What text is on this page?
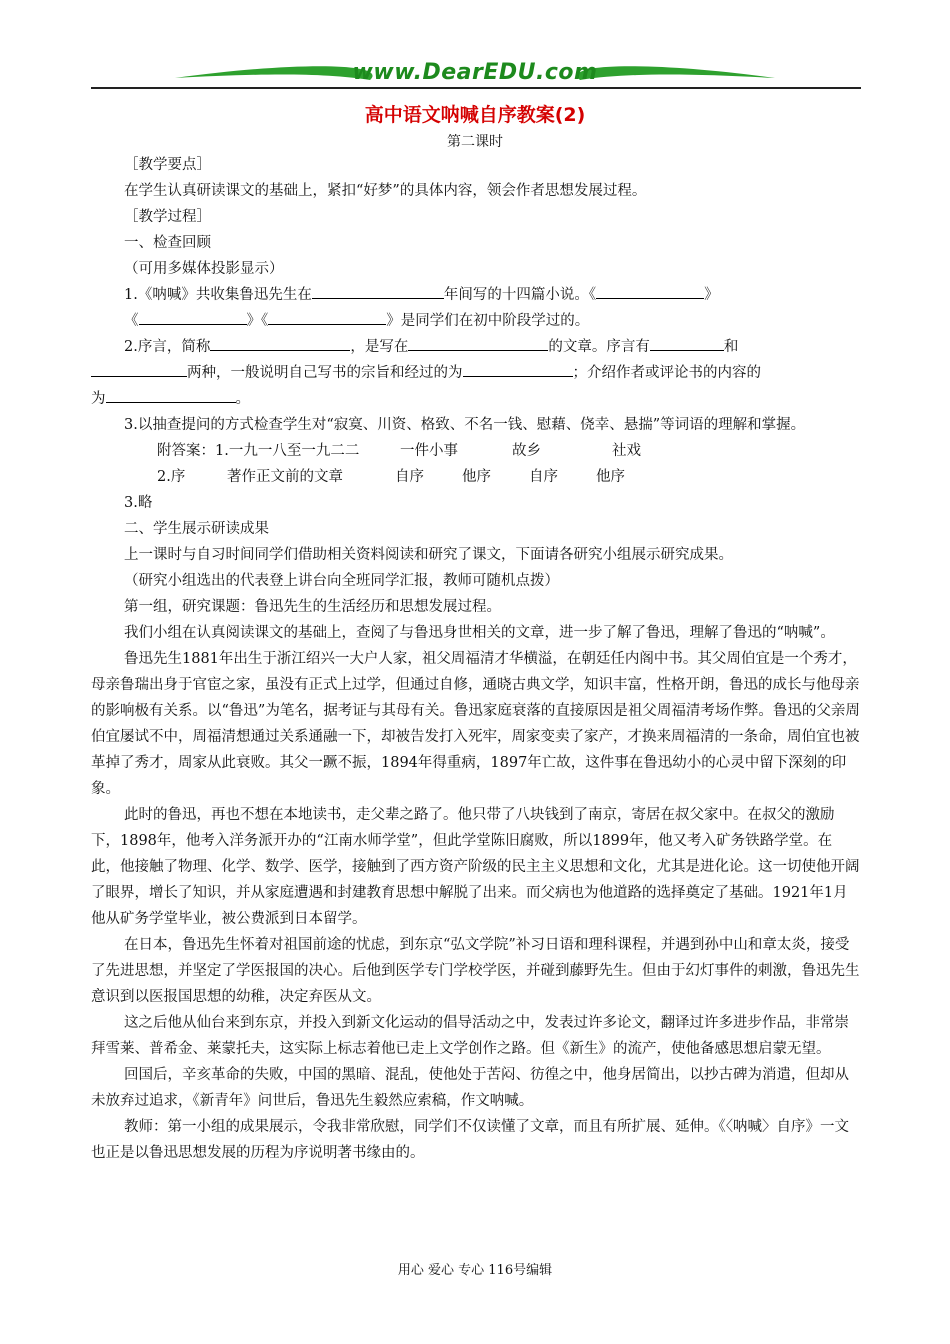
www.DearEDU.com
高中语文呐喊自序教案(2)
第二课时

［教学要点］

在学生认真研读课文的基础上，紧扣“好梦”的具体内容，领会作者思想发展过程。

［教学过程］

一、检查回顾

（可用多媒体投影显示）

1.《呐喊》共收集鲁迅先生在	年间写的十四篇小说。《	》

《	》《	》是同学们在初中阶段学过的。

2.序言，简称	，是写在	的文章。序言有	和

两种，一般说明自己写书的宗旨和经过的为	；介绍作者或评论书的内容的

为	。

3.以抽查提问的方式检查学生对“寂寞、川资、格致、不名一钱、慰藉、侥幸、悬揣”等词语的理解和掌握。

附答案：1.一九一八至一九二二	一件小事	故乡	社戏

2.序	著作正文前的文章	自序	他序	自序	他序

3.略

二、学生展示研读成果

上一课时与自习时间同学们借助相关资料阅读和研究了课文，下面请各研究小组展示研究成果。

（研究小组选出的代表登上讲台向全班同学汇报，教师可随机点拨）

第一组，研究课题：鲁迅先生的生活经历和思想发展过程。

我们小组在认真阅读课文的基础上，查阅了与鲁迅身世相关的文章，进一步了解了鲁迅，理解了鲁迅的“呐喊”。

鲁迅先生1881年出生于浙江绍兴一大户人家，祖父周福清才华横溢，在朝廷任内阁中书。其父周伯宜是一个秀才，母亲鲁瑞出身于官宦之家，虽没有正式上过学，但通过自修，通晓古典文学，知识丰富，性格开朗，鲁迅的成长与他母亲的影响极有关系。以“鲁迅”为笔名，据考证与其母有关。鲁迅家庭衰落的直接原因是祖父周福清考场作弊。鲁迅的父亲周伯宜屡试不中，周福清想通过关系通融一下，却被告发打入死牢，周家变卖了家产，才换来周福清的一条命，周伯宜也被革掉了秀才，周家从此衰败。其父一蹶不振，1894年得重病，1897年亡故，这件事在鲁迅幼小的心灵中留下深刻的印象。

此时的鲁迅，再也不想在本地读书，走父辈之路了。他只带了八块钱到了南京，寄居在叔父家中。在叔父的激励下，1898年，他考入洋务派开办的“江南水师学堂”，但此学堂陈旧腐败，所以1899年，他又考入矿务铁路学堂。在此，他接触了物理、化学、数学、医学，接触到了西方资产阶级的民主主义思想和文化，尤其是进化论。这一切使他开阔了眼界，增长了知识，并从家庭遭遇和封建教育思想中解脱了出来。而父病也为他道路的选择奠定了基础。1921年1月他从矿务学堂毕业，被公费派到日本留学。

在日本，鲁迅先生怀着对祖国前途的忧虑，到东京“弘文学院”补习日语和理科课程，并遇到孙中山和章太炎，接受了先进思想，并坚定了学医报国的决心。后他到医学专门学校学医，并碰到藤野先生。但由于幻灯事件的刺激，鲁迅先生意识到以医报国思想的幼稚，决定弃医从文。

这之后他从仙台来到东京，并投入到新文化运动的倡导活动之中，发表过许多论文，翻译过许多进步作品，非常崇拜雪莱、普希金、莱蒙托夫，这实际上标志着他已走上文学创作之路。但《新生》的流产，使他备感思想启蒙无望。

回国后，辛亥革命的失败，中国的黑暗、混乱，使他处于苦闷、彷徨之中，他身居简出，以抄古碑为消遣，但却从未放弃过追求，《新青年》问世后，鲁迅先生毅然应索稿，作文呐喊。

教师：第一小组的成果展示，令我非常欣慰，同学们不仅读懂了文章，而且有所扩展、延伸。《〈呐喊〉自序》一文也正是以鲁迅思想发展的历程为序说明著书缘由的。

用心 爱心 专心 116号编辑
